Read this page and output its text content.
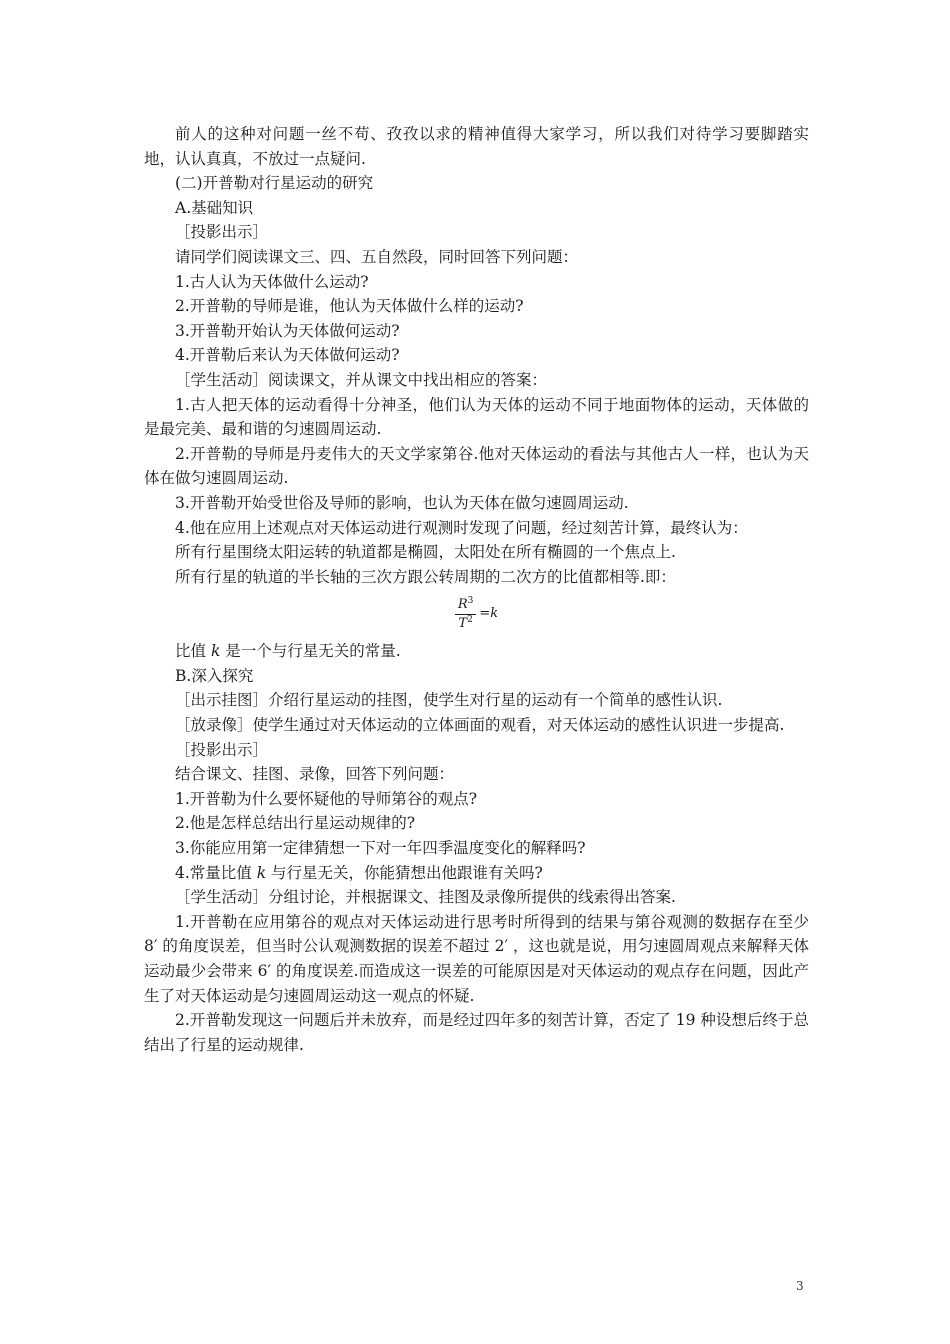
前人的这种对问题一丝不苟、孜孜以求的精神值得大家学习，所以我们对待学习要脚踏实地，认认真真，不放过一点疑问.

(二)开普勒对行星运动的研究

A.基础知识

［投影出示］

请同学们阅读课文三、四、五自然段，同时回答下列问题：

1.古人认为天体做什么运动?

2.开普勒的导师是谁，他认为天体做什么样的运动?

3.开普勒开始认为天体做何运动?

4.开普勒后来认为天体做何运动?

［学生活动］阅读课文，并从课文中找出相应的答案：

1.古人把天体的运动看得十分神圣，他们认为天体的运动不同于地面物体的运动，天体做的是最完美、最和谐的匀速圆周运动.

2.开普勒的导师是丹麦伟大的天文学家第谷.他对天体运动的看法与其他古人一样，也认为天体在做匀速圆周运动.

3.开普勒开始受世俗及导师的影响，也认为天体在做匀速圆周运动.

4.他在应用上述观点对天体运动进行观测时发现了问题，经过刻苦计算，最终认为：

所有行星围绕太阳运转的轨道都是椭圆，太阳处在所有椭圆的一个焦点上.

所有行星的轨道的半长轴的三次方跟公转周期的二次方的比值都相等.即：

$\frac{R^3}{T^2} =k$

比值 k 是一个与行星无关的常量.

B.深入探究

［出示挂图］介绍行星运动的挂图，使学生对行星的运动有一个简单的感性认识.

［放录像］使学生通过对天体运动的立体画面的观看，对天体运动的感性认识进一步提高.

［投影出示］

结合课文、挂图、录像，回答下列问题：

1.开普勒为什么要怀疑他的导师第谷的观点?

2.他是怎样总结出行星运动规律的?

3.你能应用第一定律猜想一下对一年四季温度变化的解释吗?

4.常量比值 k 与行星无关，你能猜想出他跟谁有关吗?

［学生活动］分组讨论，并根据课文、挂图及录像所提供的线索得出答案.

1.开普勒在应用第谷的观点对天体运动进行思考时所得到的结果与第谷观测的数据存在至少 8′ 的角度误差，但当时公认观测数据的误差不超过 2′ ，这也就是说，用匀速圆周观点来解释天体运动最少会带来 6′ 的角度误差.而造成这一误差的可能原因是对天体运动的观点存在问题，因此产生了对天体运动是匀速圆周运动这一观点的怀疑.

2.开普勒发现这一问题后并未放弃，而是经过四年多的刻苦计算，否定了 19 种设想后终于总结出了行星的运动规律.

3
